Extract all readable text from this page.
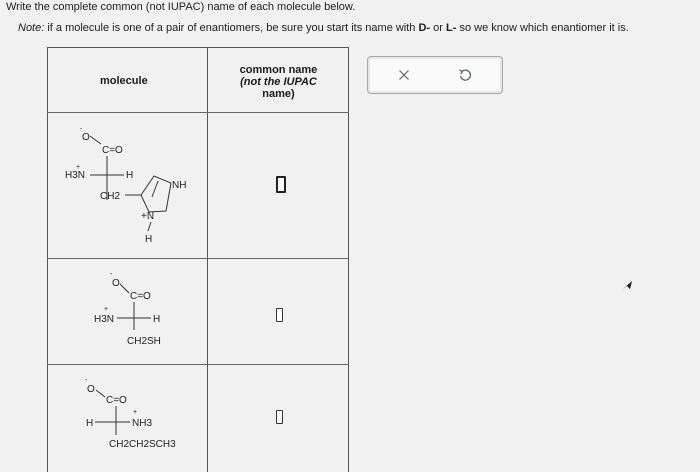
Write the complete common (not IUPAC) name of each molecule below.
Note: if a molecule is one of a pair of enantiomers, be sure you start its name with D- or L- so we know which enantiomer it is.
molecule
common name
(not the IUPAC
name)
O
-
C=O
H3N
+
H
CH2
NH
+N
H
O
-
C=O
H3N
+
H
CH2SH
O
-
C=O
H	NH3
+
CH2CH2SCH3
